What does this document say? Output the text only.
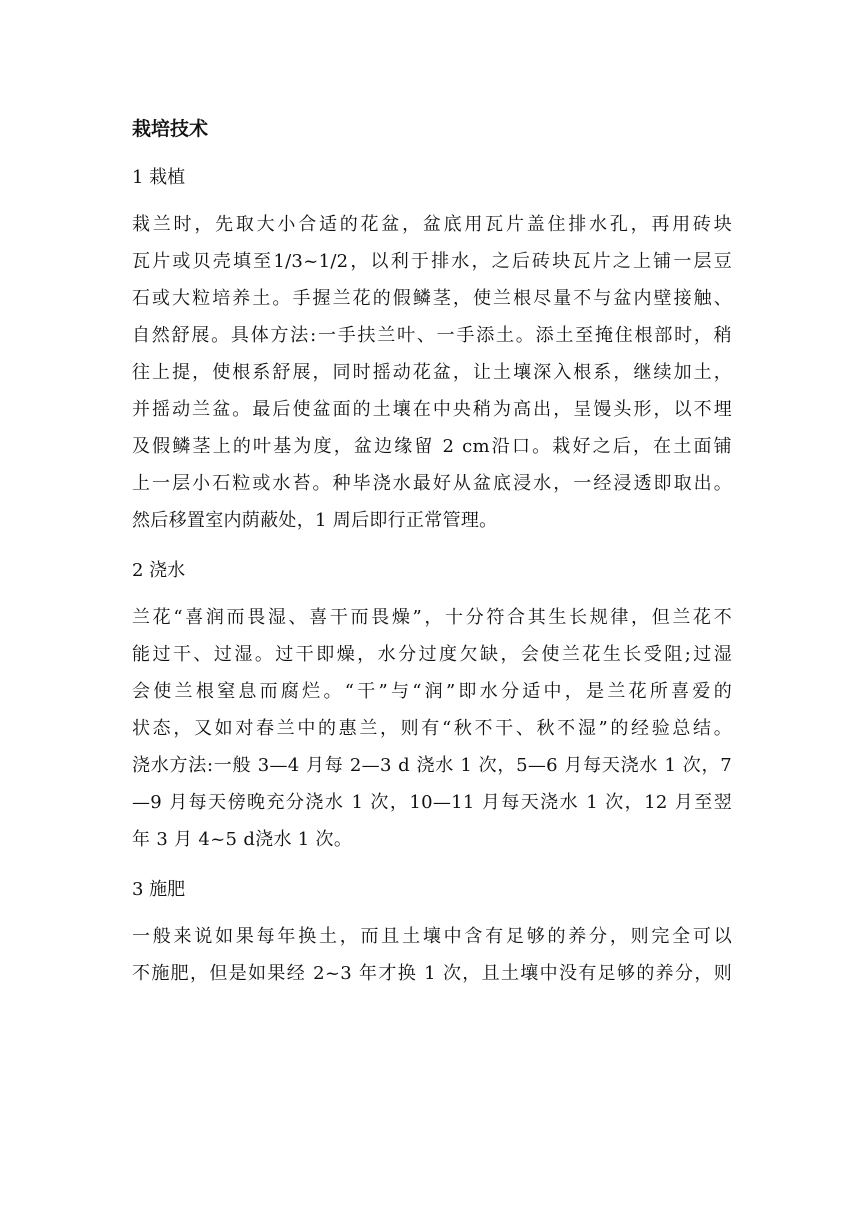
栽培技术
1 栽植
栽兰时，先取大小合适的花盆，盆底用瓦片盖住排水孔，再用砖块
瓦片或贝壳填至1/3~1/2，以利于排水，之后砖块瓦片之上铺一层豆
石或大粒培养土。手握兰花的假鳞茎，使兰根尽量不与盆内壁接触、
自然舒展。具体方法:一手扶兰叶、一手添土。添土至掩住根部时，稍
往上提，使根系舒展，同时摇动花盆，让土壤深入根系，继续加土，
并摇动兰盆。最后使盆面的土壤在中央稍为高出，呈馒头形，以不埋
及假鳞茎上的叶基为度，盆边缘留 2 cm沿口。栽好之后，在土面铺
上一层小石粒或水苔。种毕浇水最好从盆底浸水，一经浸透即取出。
然后移置室内荫蔽处，1 周后即行正常管理。
2 浇水
兰花“喜润而畏湿、喜干而畏燥”，十分符合其生长规律，但兰花不
能过干、过湿。过干即燥，水分过度欠缺，会使兰花生长受阻;过湿
会使兰根窒息而腐烂。“干”与“润”即水分适中，是兰花所喜爱的
状态，又如对春兰中的惠兰，则有“秋不干、秋不湿”的经验总结。
浇水方法:一般 3—4 月每 2—3 d 浇水 1 次，5—6 月每天浇水 1 次，7
—9 月每天傍晚充分浇水 1 次，10—11 月每天浇水 1 次，12 月至翌
年 3 月 4~5 d浇水 1 次。
3 施肥
一般来说如果每年换土，而且土壤中含有足够的养分，则完全可以
不施肥，但是如果经 2~3 年才换 1 次，且土壤中没有足够的养分，则
